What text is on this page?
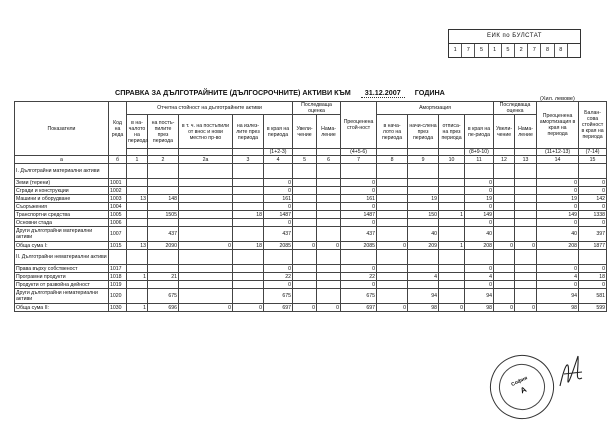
ЕИК по БУЛСТАТ
1	7	5	1	5	2	7	8	8
СПРАВКА ЗА ДЪЛГОТРАЙНИТЕ (ДЪЛГОСРОЧНИТЕ) АКТИВИ КЪМ 31.12.2007 ГОДИНА
(Хил. левове)
Показатели	Код на реда	Отчетна стойност на дълготрайните активи					Последваща оценка		Преоценена стой-ност	Амортизация				Последваща оценка		Преоценена амортизация в края на периода	Балан-сова стойност в края на периода
		в на-чалото на периода	на постъ-пилите през периода	в т. ч. на постъпили от внос и нови местно пр-во	на излез-лите през периода	в края на периода	Увели-чение	Нама-ление		в нача-лото на периода	начи-слена през периода	отписа-на през периода	в края на пе-риода	Увели-чение	Нама-ление		
						(1+2-3)			(4+5-6)				(8+9-10)			(11+12-13)	(7-14)
а	б	1	2	2а	3	4	5	6	7	8	9	10	11	12	13	14	15
I. Дълготрайни материални активи																	
Земи (терени)	1001					0			0				0			0	0
Сгради и конструкции	1002					0			0				0			0	0
Машини и оборудване	1003	13	148			161			161		19		19			19	142
Съоръжения	1004					0			0				0			0	0
Транспортни средства	1005		1505		18	1487			1487		150	1	149			149	1338
Основни стада	1006					0			0				0			0	0
Други дълготрайни материални активи	1007		437			437			437		40		40			40	397
Обща сума I:	1015	13	2090	0	18	2085	0	0	2085	0	209	1	208	0	0	208	1877
II. Дълготрайни нематериални активи																	
Права върху собственост	1017					0			0				0			0	0
Програмни продукти	1018	1	21			22			22		4		4			4	18
Продукти от развойна дейност	1019					0			0				0			0	0
Други дълготрайни нематериални активи	1020		675			675			675		94		94			94	581
Обща сума II:	1030	1	696	0	0	697	0	0	697	0	98	0	98	0	0	98	599
София
A
